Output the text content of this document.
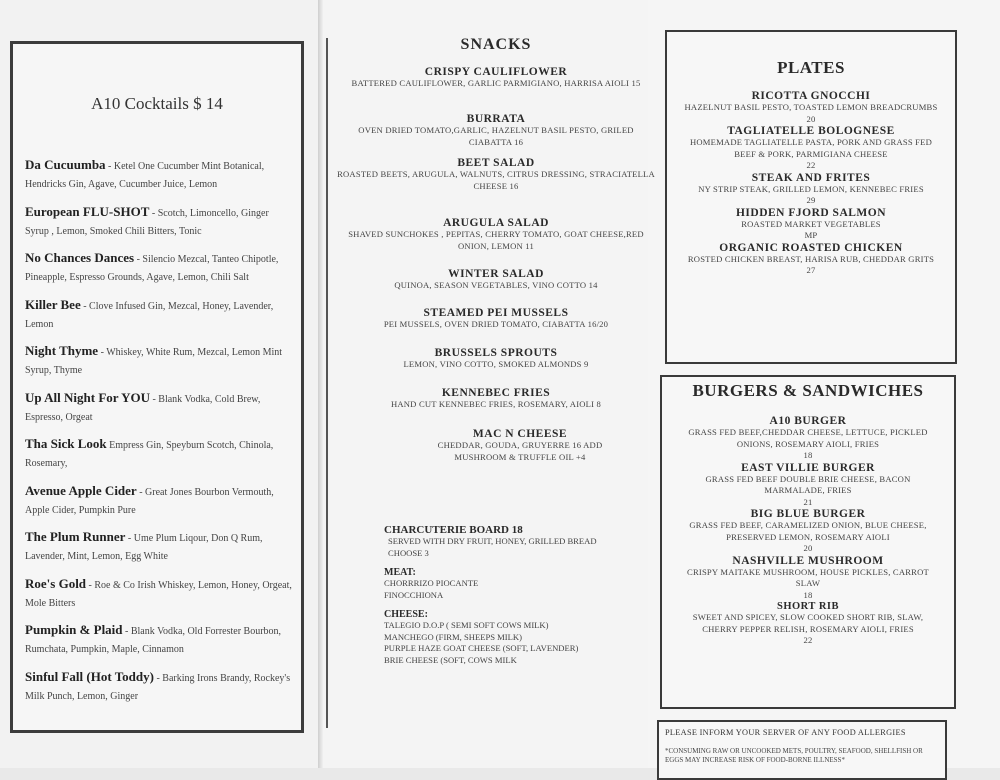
A10 Cocktails $ 14
Da Cucuumba - Ketel One Cucumber Mint Botanical, Hendricks Gin, Agave, Cucumber Juice, Lemon
European FLU-SHOT - Scotch, Limoncello, Ginger Syrup , Lemon, Smoked Chili Bitters, Tonic
No Chances Dances - Silencio Mezcal, Tanteo Chipotle, Pineapple, Espresso Grounds, Agave, Lemon, Chili Salt
Killer Bee - Clove Infused Gin, Mezcal, Honey, Lavender, Lemon
Night Thyme - Whiskey, White Rum, Mezcal, Lemon Mint Syrup, Thyme
Up All Night For YOU - Blank Vodka, Cold Brew, Espresso, Orgeat
Tha Sick Look Empress Gin, Speyburn Scotch, Chinola, Rosemary,
Avenue Apple Cider - Great Jones Bourbon Vermouth, Apple Cider, Pumpkin Pure
The Plum Runner - Ume Plum Liqour, Don Q Rum, Lavender, Mint, Lemon, Egg White
Roe's Gold - Roe & Co Irish Whiskey, Lemon, Honey, Orgeat, Mole Bitters
Pumpkin & Plaid - Blank Vodka, Old Forrester Bourbon, Rumchata, Pumpkin, Maple, Cinnamon
Sinful Fall (Hot Toddy) - Barking Irons Brandy, Rockey's Milk Punch, Lemon, Ginger
SNACKS
CRISPY CAULIFLOWER
BATTERED CAULIFLOWER, GARLIC PARMIGIANO, HARRISA AIOLI 15
BURRATA
OVEN DRIED TOMATO,GARLIC, HAZELNUT BASIL PESTO, GRILED CIABATTA 16
BEET SALAD
ROASTED BEETS, ARUGULA, WALNUTS, CITRUS DRESSING, STRACIATELLA CHEESE 16
ARUGULA SALAD
SHAVED SUNCHOKES , PEPITAS, CHERRY TOMATO, GOAT CHEESE,RED ONION, LEMON 11
WINTER SALAD
QUINOA, SEASON VEGETABLES, VINO COTTO 14
STEAMED PEI MUSSELS
PEI MUSSELS, OVEN DRIED TOMATO, CIABATTA 16/20
BRUSSELS SPROUTS
LEMON, VINO COTTO, SMOKED ALMONDS 9
KENNEBEC FRIES
HAND CUT KENNEBEC FRIES, ROSEMARY, AIOLI 8
MAC N CHEESE
CHEDDAR, GOUDA, GRUYERRE 16 ADD MUSHROOM & TRUFFLE OIL +4
CHARCUTERIE BOARD 18
SERVED WITH DRY FRUIT, HONEY, GRILLED BREAD CHOOSE 3
MEAT:
CHORRRIZO PIOCANTE
FINOCCHIONA
CHEESE:
TALEGIO D.O.P ( SEMI SOFT COWS MILK)
MANCHEGO (FIRM, SHEEPS MILK)
PURPLE HAZE GOAT CHEESE (SOFT, LAVENDER)
BRIE CHEESE (SOFT, COWS MILK
PLATES
RICOTTA GNOCCHI
HAZELNUT BASIL PESTO, TOASTED LEMON BREADCRUMBS
20
TAGLIATELLE BOLOGNESE
HOMEMADE TAGLIATELLE PASTA, PORK AND GRASS FED BEEF & PORK, PARMIGIANA CHEESE
22
STEAK AND FRITES
NY STRIP STEAK, GRILLED LEMON, KENNEBEC FRIES
29
HIDDEN FJORD SALMON
ROASTED MARKET VEGETABLES
MP
ORGANIC ROASTED CHICKEN
ROSTED CHICKEN BREAST, HARISA RUB, CHEDDAR GRITS
27
BURGERS & SANDWICHES
A10 BURGER
GRASS FED BEEF,CHEDDAR CHEESE, LETTUCE, PICKLED ONIONS, ROSEMARY AIOLI, FRIES
18
EAST VILLIE BURGER
GRASS FED BEEF DOUBLE BRIE CHEESE, BACON MARMALADE, FRIES
21
BIG BLUE BURGER
GRASS FED BEEF, CARAMELIZED ONION, BLUE CHEESE, PRESERVED LEMON, ROSEMARY AIOLI
20
NASHVILLE MUSHROOM
CRISPY MAITAKE MUSHROOM, HOUSE PICKLES, CARROT SLAW
18
SHORT RIB
SWEET AND SPICEY, SLOW COOKED SHORT RIB, SLAW, CHERRY PEPPER RELISH, ROSEMARY AIOLI, FRIES
22
PLEASE INFORM YOUR SERVER OF ANY FOOD ALLERGIES
*CONSUMING RAW OR UNCOOKED METS, POULTRY, SEAFOOD, SHELLFISH OR EGGS MAY INCREASE RISK OF FOOD-BORNE ILLNESS*
